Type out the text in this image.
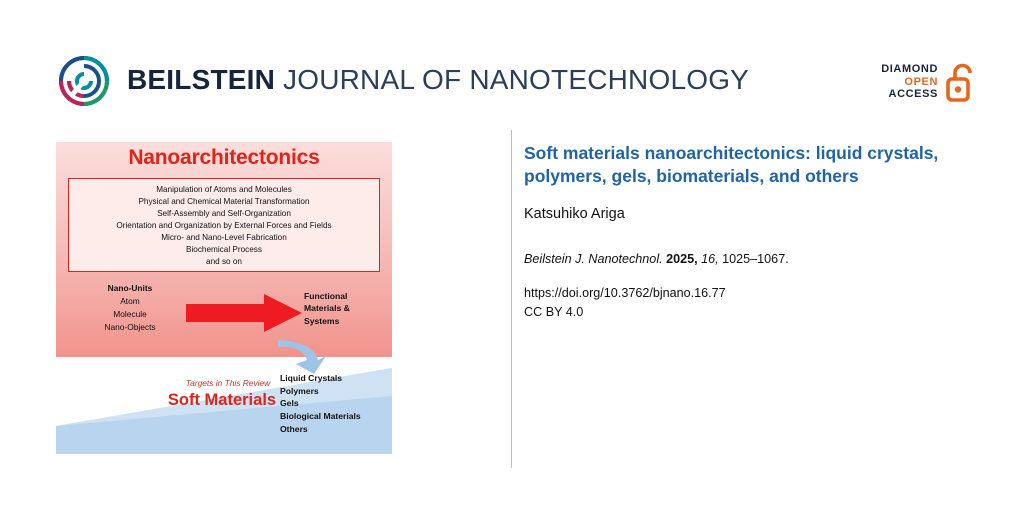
BEILSTEIN JOURNAL OF NANOTECHNOLOGY	DIAMOND
OPEN
ACCESS
Nanoarchitectonics
Manipulation of Atoms and Molecules
Physical and Chemical Material Transformation
Self-Assembly and Self-Organization
Orientation and Organization by External Forces and Fields
Micro- and Nano-Level Fabrication
Biochemical Process
and so on
Nano-Units
Atom
Molecule
Nano-Objects
Functional
Materials &
Systems
Targets in This Review
Soft Materials
Liquid Crystals
Polymers
Gels
Biological Materials
Others
Soft materials nanoarchitectonics: liquid crystals, polymers, gels, biomaterials, and others
Katsuhiko Ariga
Beilstein J. Nanotechnol. 2025, 16, 1025–1067.
https://doi.org/10.3762/bjnano.16.77
CC BY 4.0
